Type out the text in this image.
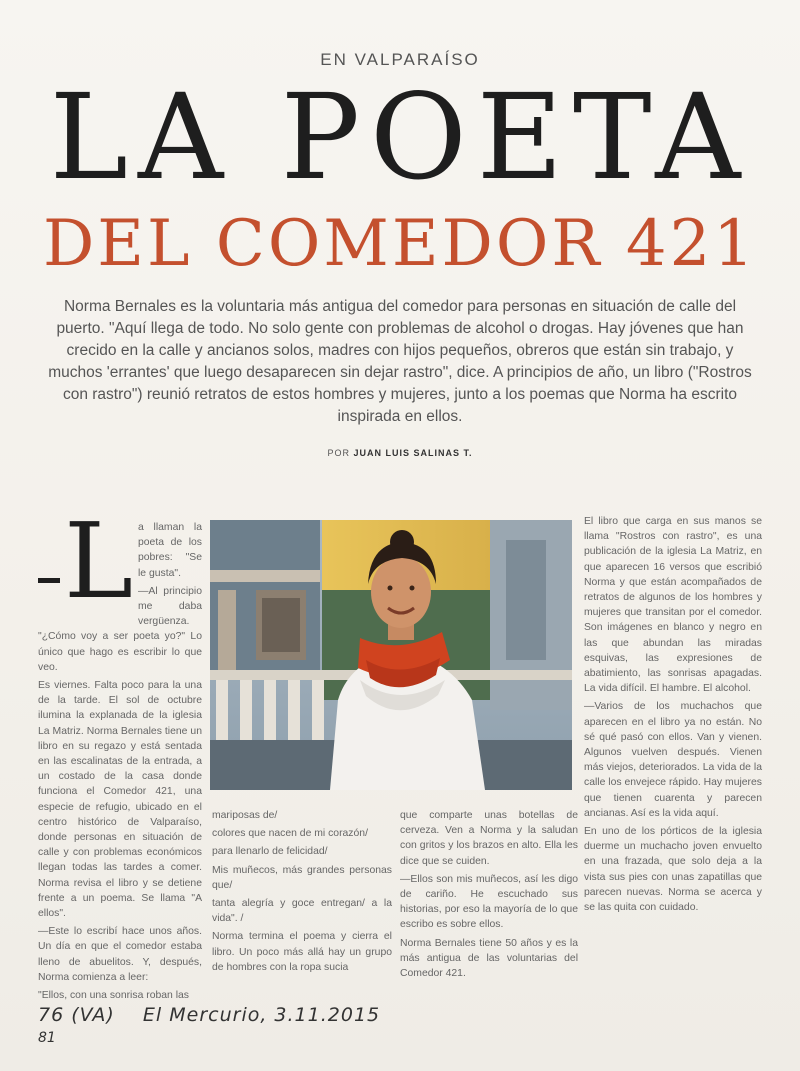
EN VALPARAÍSO
LA POETA
DEL COMEDOR 421
Norma Bernales es la voluntaria más antigua del comedor para personas en situación de calle del puerto. "Aquí llega de todo. No solo gente con problemas de alcohol o drogas. Hay jóvenes que han crecido en la calle y ancianos solos, madres con hijos pequeños, obreros que están sin trabajo, y muchos 'errantes' que luego desaparecen sin dejar rastro", dice. A principios de año, un libro ("Rostros con rastro") reunió retratos de estos hombres y mujeres, junto a los poemas que Norma ha escrito inspirada en ellos.
POR JUAN LUIS SALINAS T.
L a llaman la poeta de los pobres: "Se le gusta".

—Al principio me daba vergüenza. "¿Cómo voy a ser poeta yo?" Lo único que hago es escribir lo que veo.

Es viernes. Falta poco para la una de la tarde. El sol de octubre ilumina la explanada de la iglesia La Matriz. Norma Bernales tiene un libro en su regazo y está sentada en las escalinatas de la entrada, a un costado de la casa donde funciona el Comedor 421, una especie de refugio, ubicado en el centro histórico de Valparaíso, donde personas en situación de calle y con problemas económicos llegan todas las tardes a comer. Norma revisa el libro y se detiene frente a un poema. Se llama "A ellos".

—Este lo escribí hace unos años. Un día en que el comedor estaba lleno de abuelitos. Y, después, Norma comienza a leer:

"Ellos, con una sonrisa roban las

mariposas de/

colores que nacen de mi corazón/

para llenarlo de felicidad/

Mis muñecos, más grandes personas que/

tanta alegría y goce entregan/ a la vida". /

Norma termina el poema y cierra el libro. Un poco más allá hay un grupo de hombres con la ropa sucia

que comparte unas botellas de cerveza. Ven a Norma y la saludan con gritos y los brazos en alto. Ella les dice que se cuiden.

—Ellos son mis muñecos, así les digo de cariño. He escuchado sus historias, por eso la mayoría de lo que escribo es sobre ellos.

Norma Bernales tiene 50 años y es la más antigua de las voluntarias del Comedor 421.

El libro que carga en sus manos se llama "Rostros con rastro", es una publicación de la iglesia La Matriz, en que aparecen 16 versos que escribió Norma y que están acompañados de retratos de algunos de los hombres y mujeres que transitan por el comedor. Son imágenes en blanco y negro en las que abundan las miradas esquivas, las expresiones de abatimiento, las sonrisas apagadas. La vida difícil. El hambre. El alcohol.

—Varios de los muchachos que aparecen en el libro ya no están. No sé qué pasó con ellos. Van y vienen. Algunos vuelven después. Vienen más viejos, deteriorados. La vida de la calle los envejece rápido. Hay mujeres que tienen cuarenta y parecen ancianas. Así es la vida aquí.

En uno de los pórticos de la iglesia duerme un muchacho joven envuelto en una frazada, que solo deja a la vista sus pies con unas zapatillas que parecen nuevas. Norma se acerca y se las quita con cuidado.

76 (VA) El Mercurio, 3.11.2015
81
